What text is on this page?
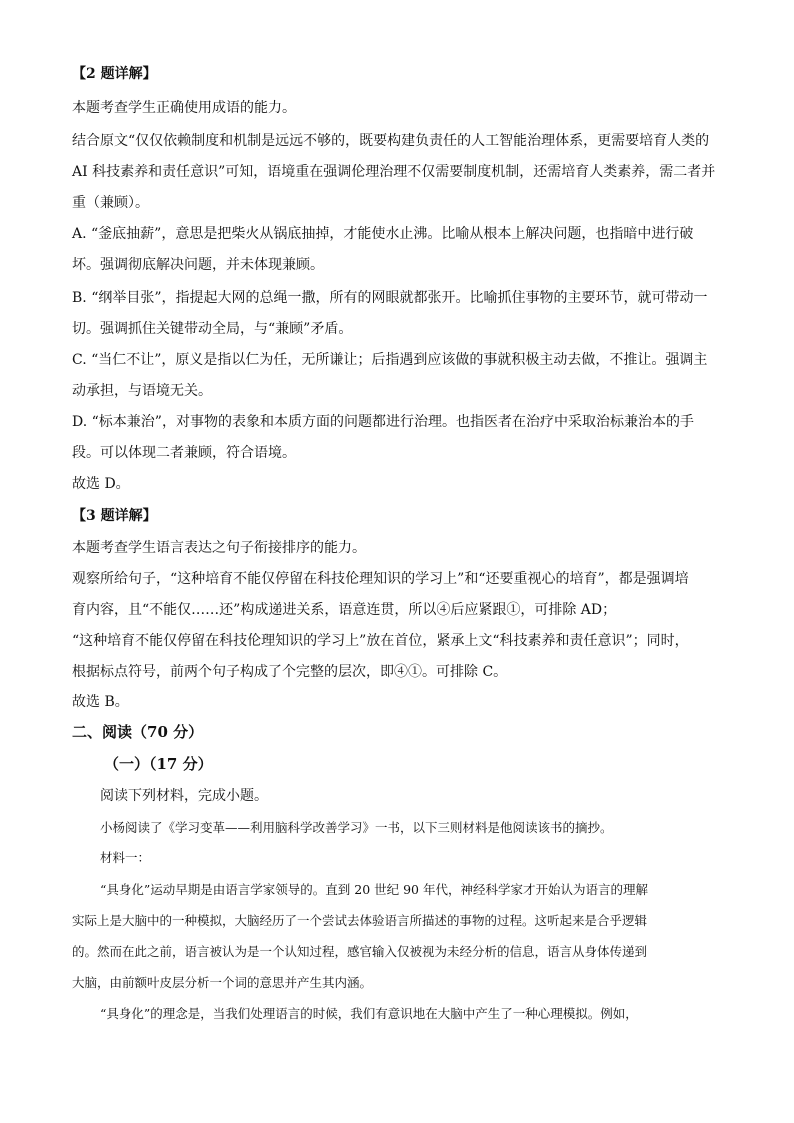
【2 题详解】
本题考查学生正确使用成语的能力。
结合原文“仅仅依赖制度和机制是远远不够的，既要构建负责任的人工智能治理体系，更需要培育人类的
AI 科技素养和责任意识”可知，语境重在强调伦理治理不仅需要制度机制，还需培育人类素养，需二者并
重（兼顾）。
A. “釜底抽薪”，意思是把柴火从锅底抽掉，才能使水止沸。比喻从根本上解决问题，也指暗中进行破
坏。强调彻底解决问题，并未体现兼顾。
B. “纲举目张”，指提起大网的总绳一撒，所有的网眼就都张开。比喻抓住事物的主要环节，就可带动一
切。强调抓住关键带动全局，与“兼顾”矛盾。
C. “当仁不让”，原义是指以仁为任，无所谦让；后指遇到应该做的事就积极主动去做，不推让。强调主
动承担，与语境无关。
D. “标本兼治”，对事物的表象和本质方面的问题都进行治理。也指医者在治疗中采取治标兼治本的手
段。可以体现二者兼顾，符合语境。
故选 D。
【3 题详解】
本题考查学生语言表达之句子衔接排序的能力。
观察所给句子，“这种培育不能仅停留在科技伦理知识的学习上”和“还要重视心的培育”，都是强调培
育内容，且“不能仅……还”构成递进关系，语意连贯，所以④后应紧跟①，可排除 AD；
“这种培育不能仅停留在科技伦理知识的学习上”放在首位，紧承上文“科技素养和责任意识”；同时，
根据标点符号，前两个句子构成了个完整的层次，即④①。可排除 C。
故选 B。
二、阅读（70 分）
（一）（17 分）
阅读下列材料，完成小题。
小杨阅读了《学习变革——利用脑科学改善学习》一书，以下三则材料是他阅读该书的摘抄。
材料一：
“具身化”运动早期是由语言学家领导的。直到 20 世纪 90 年代，神经科学家才开始认为语言的理解
实际上是大脑中的一种模拟，大脑经历了一个尝试去体验语言所描述的事物的过程。这听起来是合乎逻辑
的。然而在此之前，语言被认为是一个认知过程，感官输入仅被视为未经分析的信息，语言从身体传递到
大脑，由前额叶皮层分析一个词的意思并产生其内涵。
“具身化”的理念是，当我们处理语言的时候，我们有意识地在大脑中产生了一种心理模拟。例如，
